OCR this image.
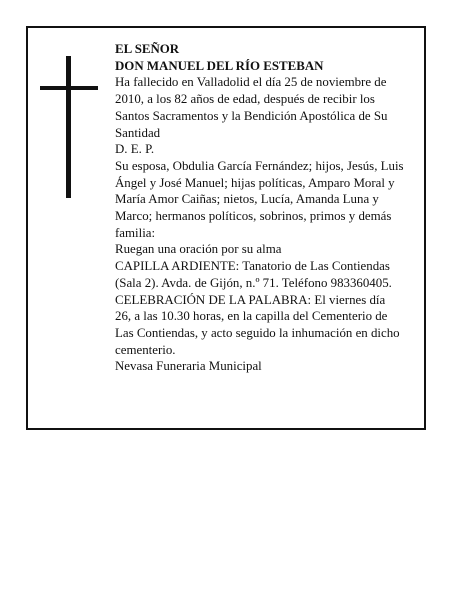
EL SEÑOR
DON MANUEL DEL RÍO ESTEBAN
Ha fallecido en Valladolid el día 25 de noviembre de
2010, a los 82 años de edad, después de recibir los
Santos Sacramentos y la Bendición Apostólica de Su
Santidad
D. E. P.
Su esposa, Obdulia García Fernández; hijos, Jesús, Luis
Ángel y José Manuel; hijas políticas, Amparo Moral y
María Amor Caiñas; nietos, Lucía, Amanda Luna y
Marco; hermanos políticos, sobrinos, primos y demás
familia:
Ruegan una oración por su alma
CAPILLA ARDIENTE: Tanatorio de Las Contiendas
(Sala 2). Avda. de Gijón, n.º 71. Teléfono 983360405.
CELEBRACIÓN DE LA PALABRA: El viernes día
26, a las 10.30 horas, en la capilla del Cementerio de
Las Contiendas, y acto seguido la inhumación en dicho
cementerio.
Nevasa Funeraria Municipal
